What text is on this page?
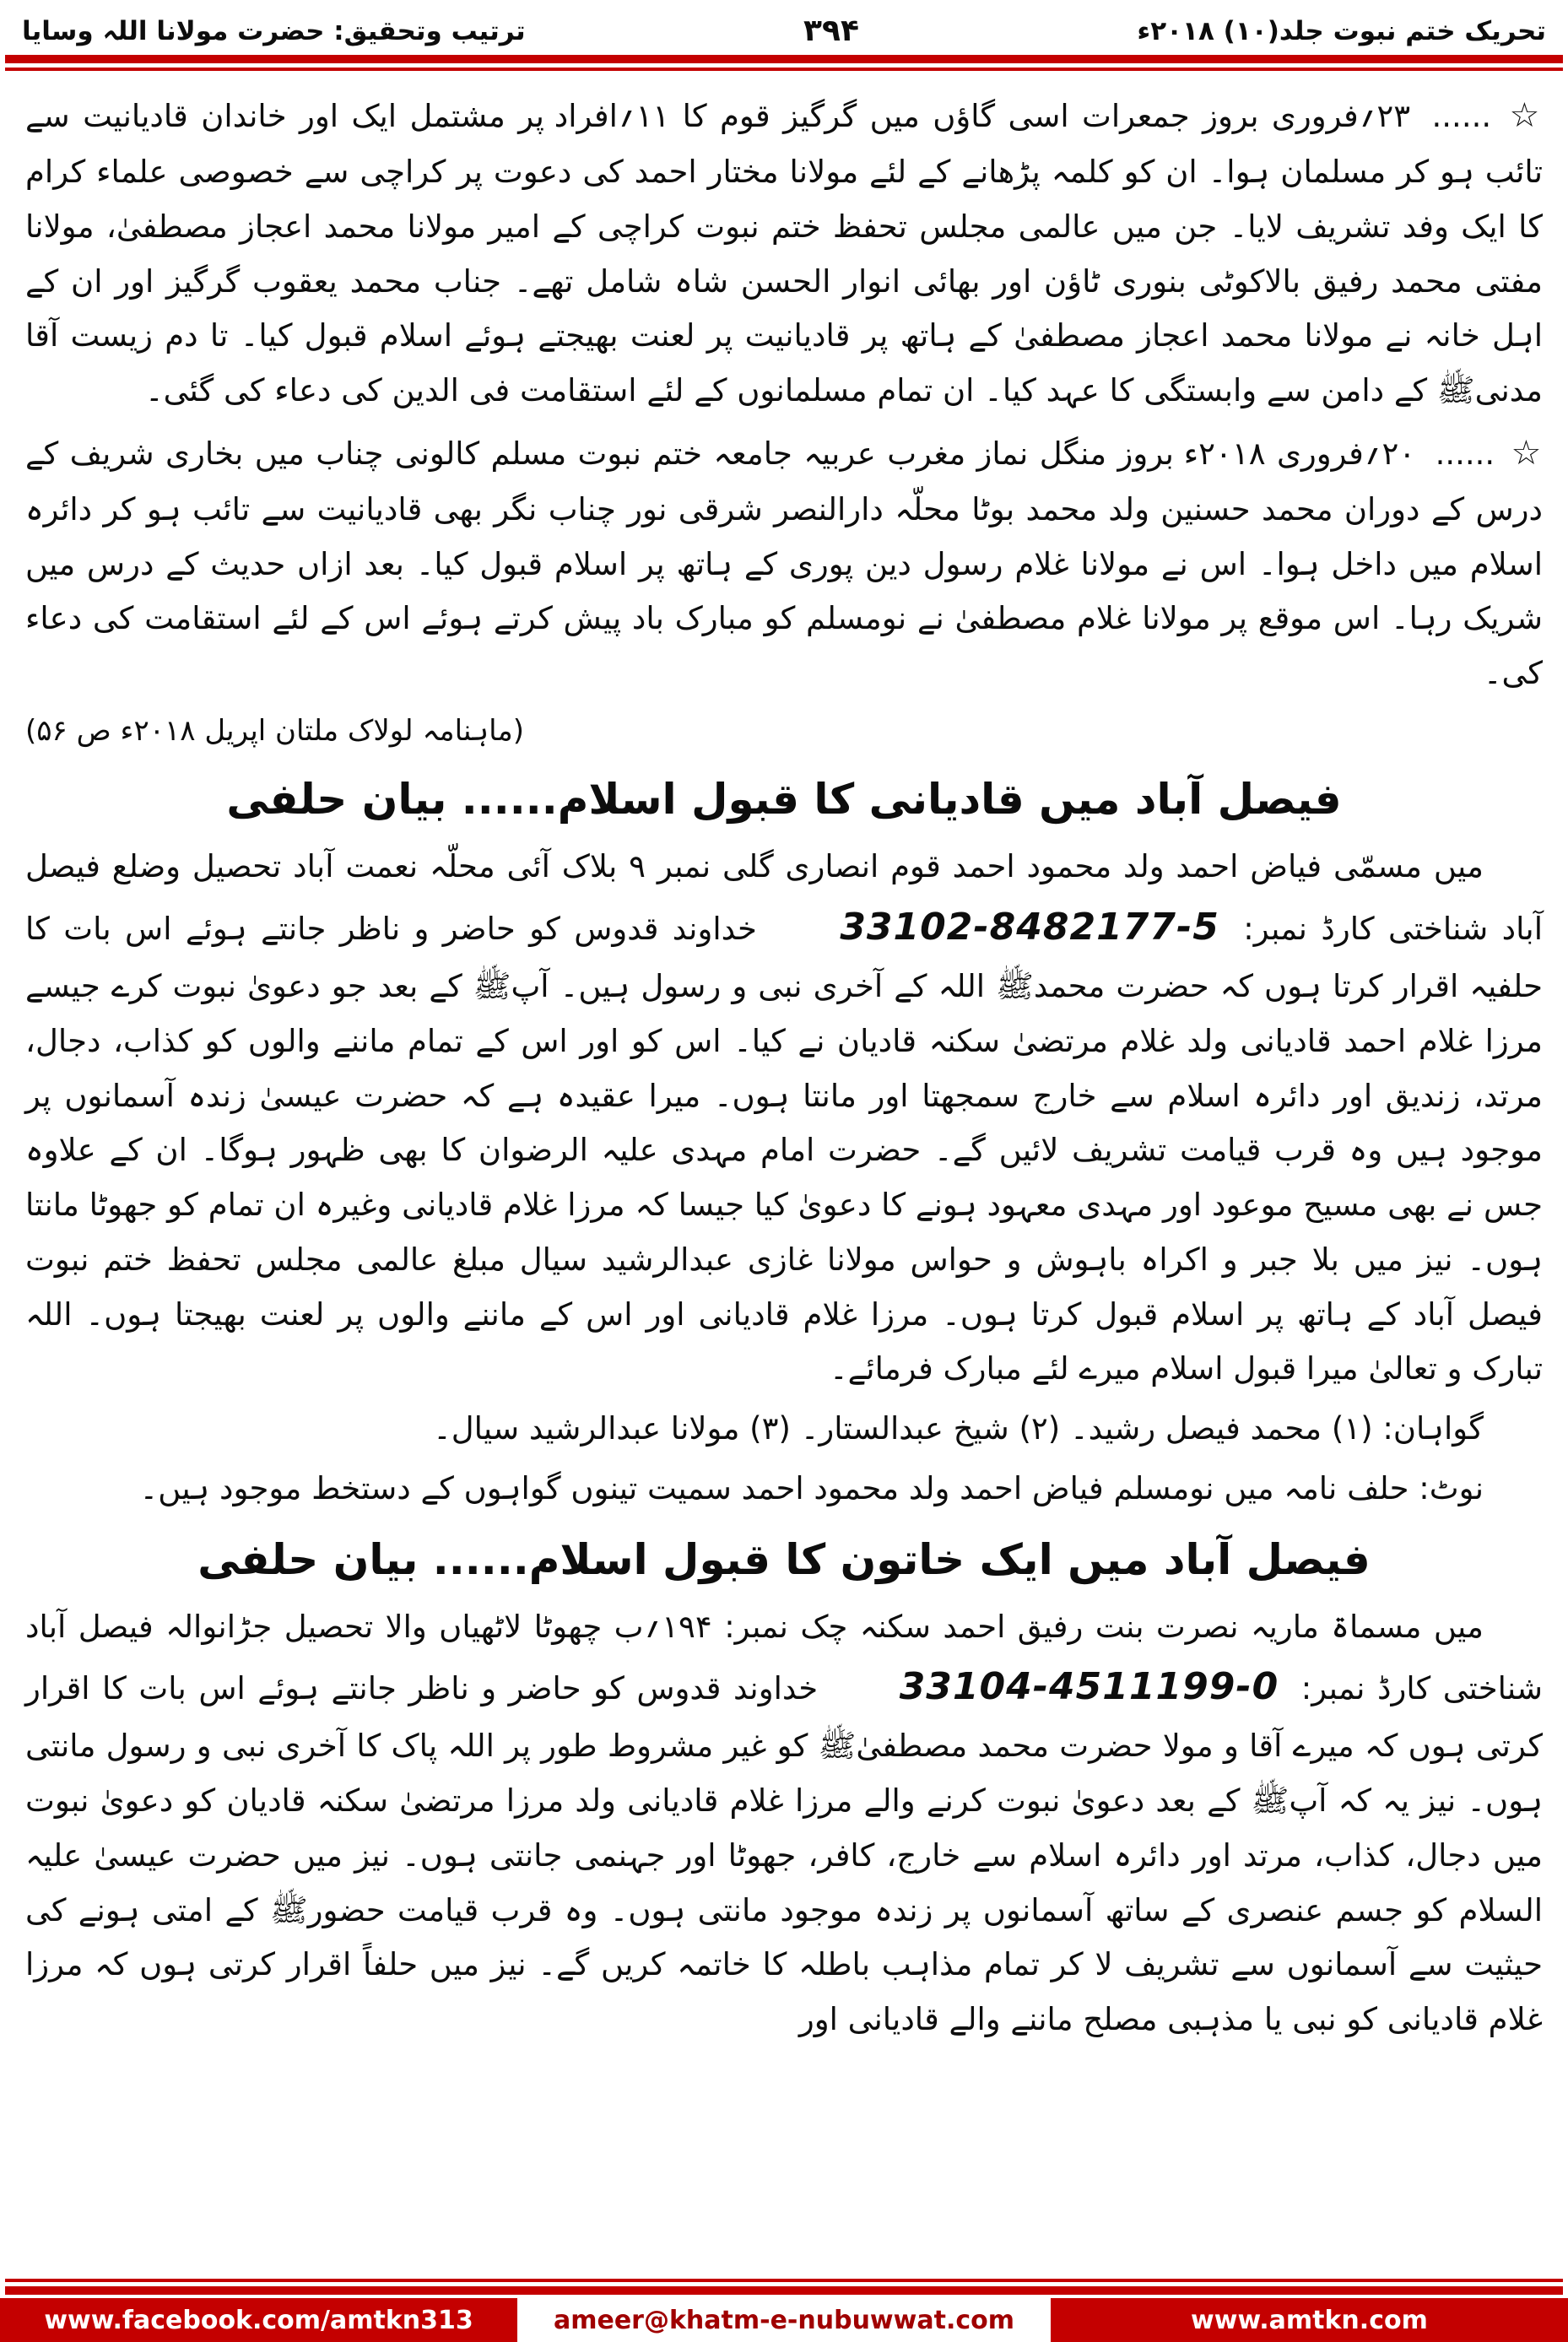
تحریک ختم نبوت جلد(۱۰) ۲۰۱۸ء
۳۹۴
ترتیب وتحقیق: حضرت مولانا اللہ وسایا

☆ ...... ۲۳؍فروری بروز جمعرات اسی گاؤں میں گرگیز قوم کا ۱۱؍افراد پر مشتمل ایک اور خاندان قادیانیت سے تائب ہو کر مسلمان ہوا۔ ان کو کلمہ پڑھانے کے لئے مولانا مختار احمد کی دعوت پر کراچی سے خصوصی علماء کرام کا ایک وفد تشریف لایا۔ جن میں عالمی مجلس تحفظ ختم نبوت کراچی کے امیر مولانا محمد اعجاز مصطفیٰ، مولانا مفتی محمد رفیق بالاکوٹی بنوری ٹاؤن اور بھائی انوار الحسن شاہ شامل تھے۔ جناب محمد یعقوب گرگیز اور ان کے اہل خانہ نے مولانا محمد اعجاز مصطفیٰ کے ہاتھ پر قادیانیت پر لعنت بھیجتے ہوئے اسلام قبول کیا۔ تا دم زیست آقا مدنیﷺ کے دامن سے وابستگی کا عہد کیا۔ ان تمام مسلمانوں کے لئے استقامت فی الدین کی دعاء کی گئی۔

☆ ...... ۲۰؍فروری ۲۰۱۸ء بروز منگل نماز مغرب عربیہ جامعہ ختم نبوت مسلم کالونی چناب میں بخاری شریف کے درس کے دوران محمد حسنین ولد محمد بوٹا محلّہ دارالنصر شرقی نور چناب نگر بھی قادیانیت سے تائب ہو کر دائرہ اسلام میں داخل ہوا۔ اس نے مولانا غلام رسول دین پوری کے ہاتھ پر اسلام قبول کیا۔ بعد ازاں حدیث کے درس میں شریک رہا۔ اس موقع پر مولانا غلام مصطفیٰ نے نومسلم کو مبارک باد پیش کرتے ہوئے اس کے لئے استقامت کی دعاء کی۔

(ماہنامہ لولاک ملتان اپریل ۲۰۱۸ء ص ۵۶)

فیصل آباد میں قادیانی کا قبول اسلام...... بیان حلفی

میں مسمّی فیاض احمد ولد محمود احمد قوم انصاری گلی نمبر ۹ بلاک آئی محلّہ نعمت آباد تحصیل وضلع فیصل آباد شناختی کارڈ نمبر: 33102-8482177-5 خداوند قدوس کو حاضر و ناظر جانتے ہوئے اس بات کا حلفیہ اقرار کرتا ہوں کہ حضرت محمدﷺ اللہ کے آخری نبی و رسول ہیں۔ آپﷺ کے بعد جو دعویٰ نبوت کرے جیسے مرزا غلام احمد قادیانی ولد غلام مرتضیٰ سکنہ قادیان نے کیا۔ اس کو اور اس کے تمام ماننے والوں کو کذاب، دجال، مرتد، زندیق اور دائرہ اسلام سے خارج سمجھتا اور مانتا ہوں۔ میرا عقیدہ ہے کہ حضرت عیسیٰ زندہ آسمانوں پر موجود ہیں وہ قرب قیامت تشریف لائیں گے۔ حضرت امام مہدی علیہ الرضوان کا بھی ظہور ہوگا۔ ان کے علاوہ جس نے بھی مسیح موعود اور مہدی معہود ہونے کا دعویٰ کیا جیسا کہ مرزا غلام قادیانی وغیرہ ان تمام کو جھوٹا مانتا ہوں۔ نیز میں بلا جبر و اکراہ باہوش و حواس مولانا غازی عبدالرشید سیال مبلغ عالمی مجلس تحفظ ختم نبوت فیصل آباد کے ہاتھ پر اسلام قبول کرتا ہوں۔ مرزا غلام قادیانی اور اس کے ماننے والوں پر لعنت بھیجتا ہوں۔ اللہ تبارک و تعالیٰ میرا قبول اسلام میرے لئے مبارک فرمائے۔

گواہان: (۱) محمد فیصل رشید۔ (۲) شیخ عبدالستار۔ (۳) مولانا عبدالرشید سیال۔

نوٹ: حلف نامہ میں نومسلم فیاض احمد ولد محمود احمد سمیت تینوں گواہوں کے دستخط موجود ہیں۔

فیصل آباد میں ایک خاتون کا قبول اسلام...... بیان حلفی

میں مسماۃ ماریہ نصرت بنت رفیق احمد سکنہ چک نمبر: ۱۹۴؍ب چھوٹا لاٹھیاں والا تحصیل جڑانوالہ فیصل آباد شناختی کارڈ نمبر: 33104-4511199-0 خداوند قدوس کو حاضر و ناظر جانتے ہوئے اس بات کا اقرار کرتی ہوں کہ میرے آقا و مولا حضرت محمد مصطفیٰﷺ کو غیر مشروط طور پر اللہ پاک کا آخری نبی و رسول مانتی ہوں۔ نیز یہ کہ آپﷺ کے بعد دعویٰ نبوت کرنے والے مرزا غلام قادیانی ولد مرزا مرتضیٰ سکنہ قادیان کو دعویٰ نبوت میں دجال، کذاب، مرتد اور دائرہ اسلام سے خارج، کافر، جھوٹا اور جہنمی جانتی ہوں۔ نیز میں حضرت عیسیٰ علیہ السلام کو جسم عنصری کے ساتھ آسمانوں پر زندہ موجود مانتی ہوں۔ وہ قرب قیامت حضورﷺ کے امتی ہونے کی حیثیت سے آسمانوں سے تشریف لا کر تمام مذاہب باطلہ کا خاتمہ کریں گے۔ نیز میں حلفاً اقرار کرتی ہوں کہ مرزا غلام قادیانی کو نبی یا مذہبی مصلح ماننے والے قادیانی اور

www.amtkn.com
ameer@khatm-e-nubuwwat.com
www.facebook.com/amtkn313
